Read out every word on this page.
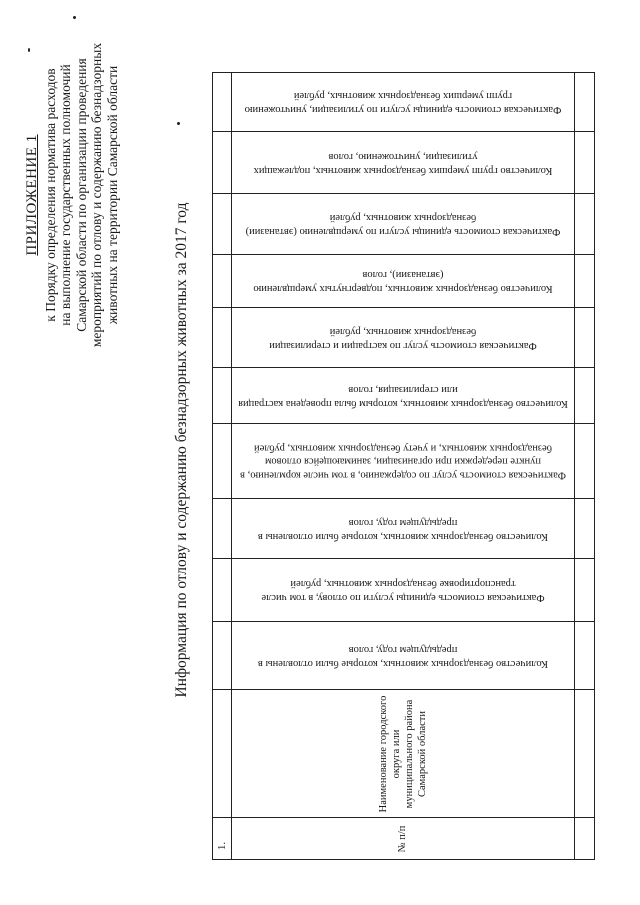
ПРИЛОЖЕНИЕ 1 к Порядку определения норматива расходов на выполнение государственных полномочий Самарской области по организации проведения мероприятий по отлову и содержанию безнадзорных животных на территории Самарской области
Информация по отлову и содержанию безнадзорных животных за 2017 год
Фактическая стоимость единицы услуги по утилизации, уничтожению групп умерших безнадзорных животных, рублей
Количество групп умерших безнадзорных животных, подлежащих утилизации, уничтожению, голов
Фактическая стоимость единицы услуги по умерщвлению (эвтаназии) безнадзорных животных, рублей
Количество безнадзорных животных, подвергнутых умерщвлению (эвтаназии), голов
Фактическая стоимость услуг по кастрации и стерилизации безнадзорных животных, рублей
Количество безнадзорных животных, которым была проведена кастрация или стерилизация, голов
Фактическая стоимость услуг по содержанию, в том числе кормлению, в пункте передержки при организации, занимающейся отловом безнадзорных животных, и учету безнадзорных животных, рублей
Количество безнадзорных животных, которые были отловлены в предыдущем году, голов
Фактическая стоимость единицы услуги по отлову, в том числе транспортировке безнадзорных животных, рублей
Количество безнадзорных животных, которые были отловлены в предыдущем году, голов
Наименование городского округа или муниципального района Самарской области
№ п/п
1.
